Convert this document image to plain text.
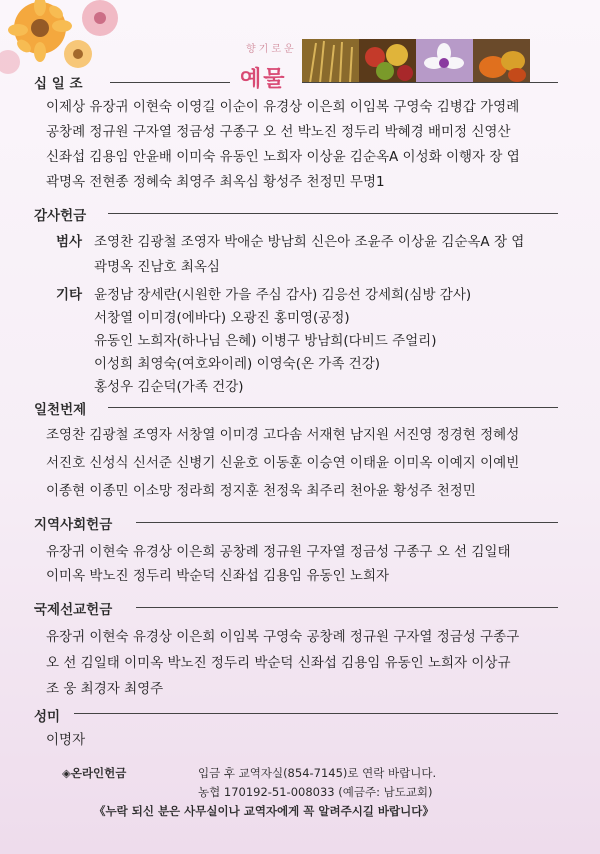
향기로운
예물
십 일 조
이제상 유장귀 이현숙 이영길 이순이 유경상 이은희 이임복 구영숙 김병갑 가영례
공창례 정규원 구자열 정금성 구종구 오 선 박노진 정두리 박혜경 배미정 신영산
신좌섭 김용임 안윤배 이미숙 유동인 노희자 이상윤 김순옥A 이성화 이행자 장 엽
곽명옥 전현종 정혜숙 최영주 최옥심 황성주 천정민 무명1
감사헌금
범사 조영찬 김광철 조영자 박애순 방남희 신은아 조윤주 이상윤 김순옥A 장 엽
곽명옥 진남호 최옥심
기타 윤정남 장세란(시원한 가을 주심 감사) 김응선 강세희(심방 감사)
서창열 이미경(에바다) 오광진 홍미영(공정)
유동인 노희자(하나님 은혜) 이병구 방남희(다비드 주얼리)
이성희 최영숙(여호와이레) 이영숙(온 가족 건강)
홍성우 김순덕(가족 건강)
일천번제
조영찬 김광철 조영자 서창열 이미경 고다솜 서재현 남지원 서진영 정경현 정혜성
서진호 신성식 신서준 신병기 신윤호 이동훈 이승연 이태윤 이미옥 이예지 이예빈
이종현 이종민 이소망 정라희 정지훈 천정욱 최주리 천아윤 황성주 천정민
지역사회헌금
유장귀 이현숙 유경상 이은희 공창례 정규원 구자열 정금성 구종구 오 선 김일태
이미옥 박노진 정두리 박순덕 신좌섭 김용임 유동인 노희자
국제선교헌금
유장귀 이현숙 유경상 이은희 이임복 구영숙 공창례 정규원 구자열 정금성 구종구
오 선 김일태 이미옥 박노진 정두리 박순덕 신좌섭 김용임 유동인 노희자 이상규
조 웅 최경자 최영주
성미
이명자
◈온라인헌금	입금 후 교역자실(854-7145)로 연락 바랍니다.
농협 170192-51-008033 (예금주: 남도교회)
《누락 되신 분은 사무실이나 교역자에게 꼭 알려주시길 바랍니다》
